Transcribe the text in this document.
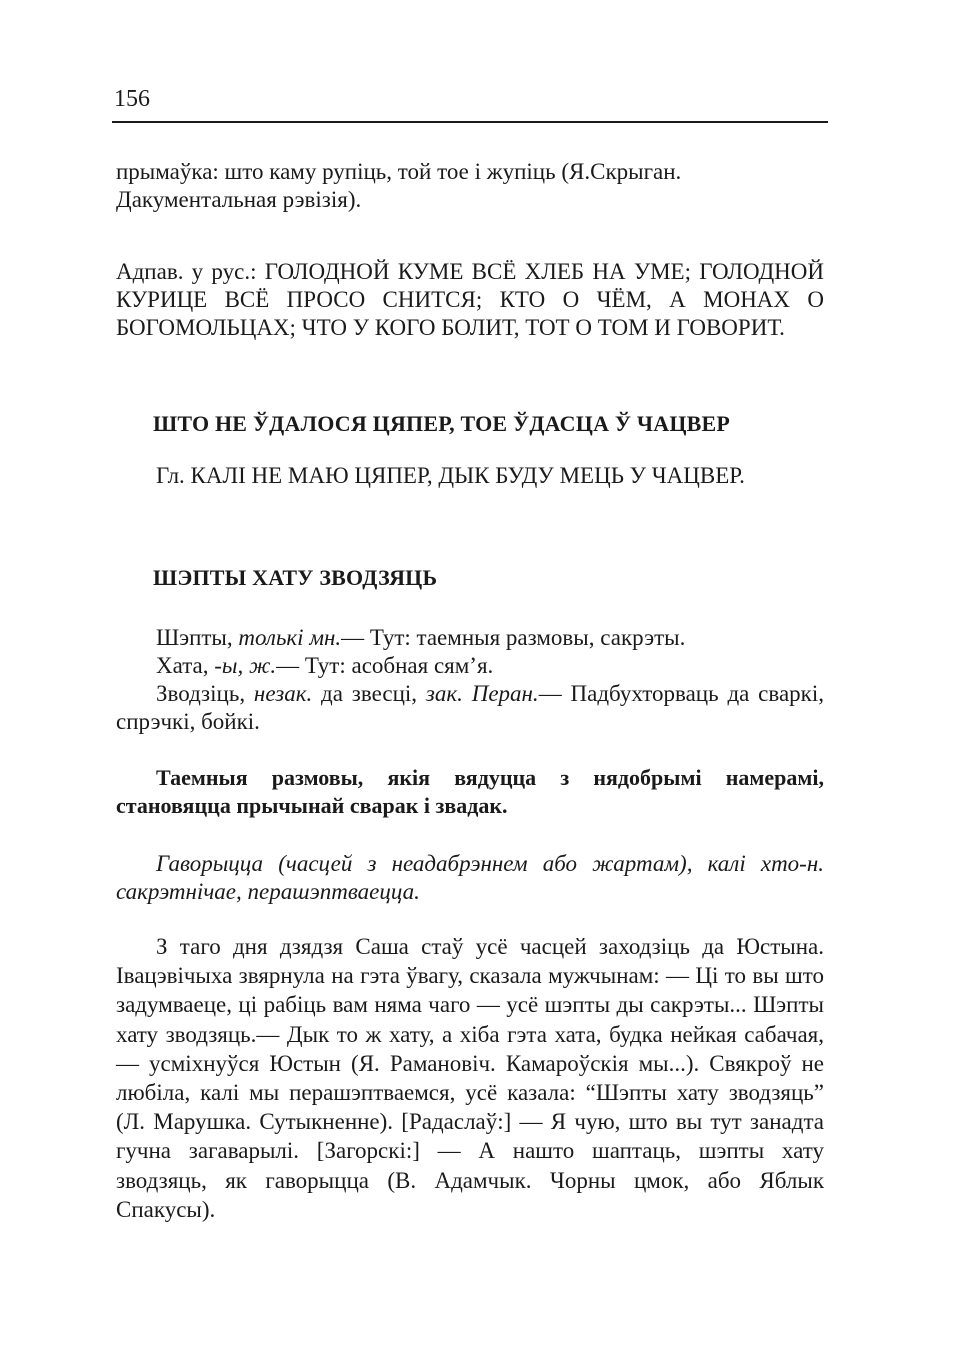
156

прымаўка: што каму рупіць, той тое і жупіць (Я.Скрыган. Дакументальная рэвізія).

Адпав. у рус.: ГОЛОДНОЙ КУМЕ ВСЁ ХЛЕБ НА УМЕ; ГОЛОДНОЙ КУРИЦЕ ВСЁ ПРОСО СНИТСЯ; КТО О ЧЁМ, А МОНАХ О БОГОМОЛЬЦАХ; ЧТО У КОГО БОЛИТ, ТОТ О ТОМ И ГОВОРИТ.

ШТО НЕ ЎДАЛОСЯ ЦЯПЕР, ТОЕ ЎДАСЦА Ў ЧАЦВЕР

Гл. КАЛІ НЕ МАЮ ЦЯПЕР, ДЫК БУДУ МЕЦЬ У ЧАЦВЕР.

ШЭПТЫ ХАТУ ЗВОДЗЯЦЬ
Шэпты, толькі мн.— Тут: таемныя размовы, сакрэты.
Хата, -ы, ж.— Тут: асобная сям’я.
Зводзіць, незак. да звесці, зак. Перан.— Падбухторваць да сваркі, спрэчкі, бойкі.

Таемныя размовы, якія вядуцца з нядобрымі намерамі, становяцца прычынай сварак і звадак.

Гаворыцца (часцей з неадабрэннем або жартам), калі хто-н. сакрэтнічае, перашэптваецца.

З таго дня дзядзя Саша стаў усё часцей заходзіць да Юстына. Івацэвічыха звярнула на гэта ўвагу, сказала мужчынам: — Ці то вы што задумваеце, ці рабіць вам няма чаго — усё шэпты ды сакрэты... Шэпты хату зводзяць.— Дык то ж хату, а хіба гэта хата, будка нейкая сабачая,— усміхнуўся Юстын (Я. Рамановіч. Камароўскія мы...). Свякроў не любіла, калі мы перашэптваемся, усё казала: “Шэпты хату зводзяць” (Л. Марушка. Сутыкненне). [Радаслаў:] — Я чую, што вы тут занадта гучна загаварылі. [Загорскі:] — А нашто шаптаць, шэпты хату зводзяць, як гаворыцца (В. Адамчык. Чорны цмок, або Яблык Спакусы).
